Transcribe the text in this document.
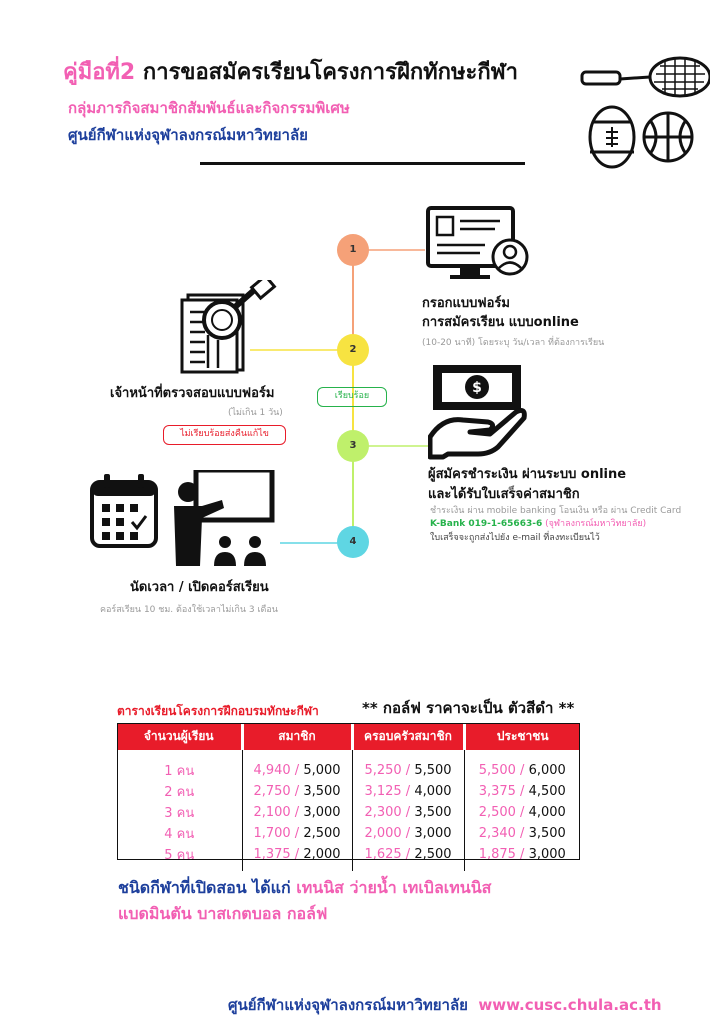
คู่มือที่2 การขอสมัครเรียนโครงการฝึกทักษะกีฬา
กลุ่มภารกิจสมาชิกสัมพันธ์และกิจกรรมพิเศษ
ศูนย์กีฬาแห่งจุฬาลงกรณ์มหาวิทยาลัย
1
2
3
4
กรอกแบบฟอร์ม
การสมัครเรียน แบบonline
(10-20 นาที) โดยระบุ วัน/เวลา ที่ต้องการเรียน
เจ้าหน้าที่ตรวจสอบแบบฟอร์ม
(ไม่เกิน 1 วัน)
เรียบร้อย
ไม่เรียบร้อยส่งคืนแก้ไข
$
ผู้สมัครชำระเงิน ผ่านระบบ online
และได้รับใบเสร็จค่าสมาชิก
ชำระเงิน ผ่าน mobile banking โอนเงิน หรือ ผ่าน Credit Card
K-Bank 019-1-65663-6 (จุฬาลงกรณ์มหาวิทยาลัย)
ใบเสร็จจะถูกส่งไปยัง e-mail ที่ลงทะเบียนไว้
นัดเวลา / เปิดคอร์สเรียน
คอร์สเรียน 10 ชม. ต้องใช้เวลาไม่เกิน 3 เดือน
ตารางเรียนโครงการฝึกอบรมทักษะกีฬา	** กอล์ฟ ราคาจะเป็น ตัวสีดำ **
จำนวนผู้เรียน	สมาชิก	ครอบครัวสมาชิก	ประชาชน
1 คน	4,940 / 5,000	5,250 / 5,500	5,500 / 6,000
2 คน	2,750 / 3,500	3,125 / 4,000	3,375 / 4,500
3 คน	2,100 / 3,000	2,300 / 3,500	2,500 / 4,000
4 คน	1,700 / 2,500	2,000 / 3,000	2,340 / 3,500
5 คน	1,375 / 2,000	1,625 / 2,500	1,875 / 3,000
ชนิดกีฬาที่เปิดสอน ได้แก่ เทนนิส ว่ายน้ำ เทเบิลเทนนิส
แบดมินตัน บาสเกตบอล กอล์ฟ
ศูนย์กีฬาแห่งจุฬาลงกรณ์มหาวิทยาลัย www.cusc.chula.ac.th
